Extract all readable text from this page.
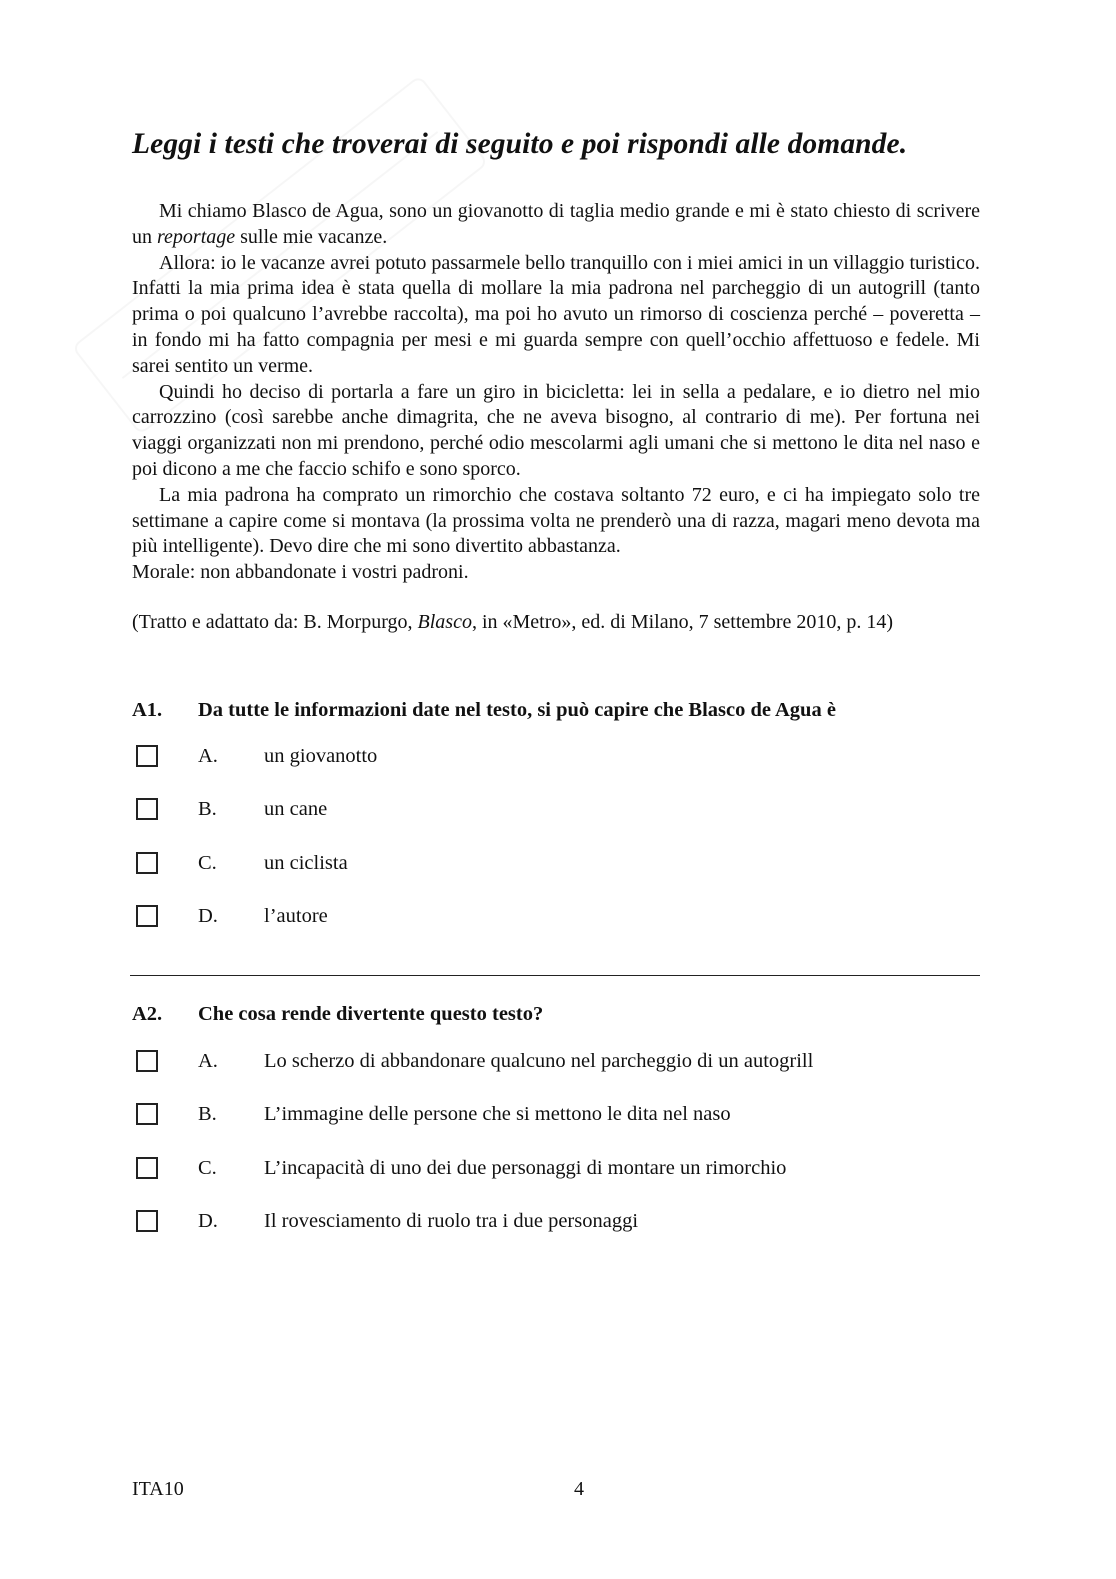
Leggi i testi che troverai di seguito e poi rispondi alle domande.

Mi chiamo Blasco de Agua, sono un giovanotto di taglia medio grande e mi è stato chiesto di scrivere un reportage sulle mie vacanze.

Allora: io le vacanze avrei potuto passarmele bello tranquillo con i miei amici in un villaggio turistico. Infatti la mia prima idea è stata quella di mollare la mia padrona nel parcheggio di un autogrill (tanto prima o poi qualcuno l’avrebbe raccolta), ma poi ho avuto un rimorso di coscienza perché – poveretta – in fondo mi ha fatto compagnia per mesi e mi guarda sempre con quell’occhio affettuoso e fedele. Mi sarei sentito un verme.

Quindi ho deciso di portarla a fare un giro in bicicletta: lei in sella a pedalare, e io dietro nel mio carrozzino (così sarebbe anche dimagrita, che ne aveva bisogno, al contrario di me). Per fortuna nei viaggi organizzati non mi prendono, perché odio mescolarmi agli umani che si mettono le dita nel naso e poi dicono a me che faccio schifo e sono sporco.

La mia padrona ha comprato un rimorchio che costava soltanto 72 euro, e ci ha impiegato solo tre settimane a capire come si montava (la prossima volta ne prenderò una di razza, magari meno devota ma più intelligente). Devo dire che mi sono divertito abbastanza.

Morale: non abbandonate i vostri padroni.

(Tratto e adattato da: B. Morpurgo, Blasco, in «Metro», ed. di Milano, 7 settembre 2010, p. 14)

A1. Da tutte le informazioni date nel testo, si può capire che Blasco de Agua è
A. un giovanotto
B. un cane
C. un ciclista
D. l’autore
A2. Che cosa rende divertente questo testo?
A. Lo scherzo di abbandonare qualcuno nel parcheggio di un autogrill
B. L’immagine delle persone che si mettono le dita nel naso
C. L’incapacità di uno dei due personaggi di montare un rimorchio
D. Il rovesciamento di ruolo tra i due personaggi
ITA10	4
